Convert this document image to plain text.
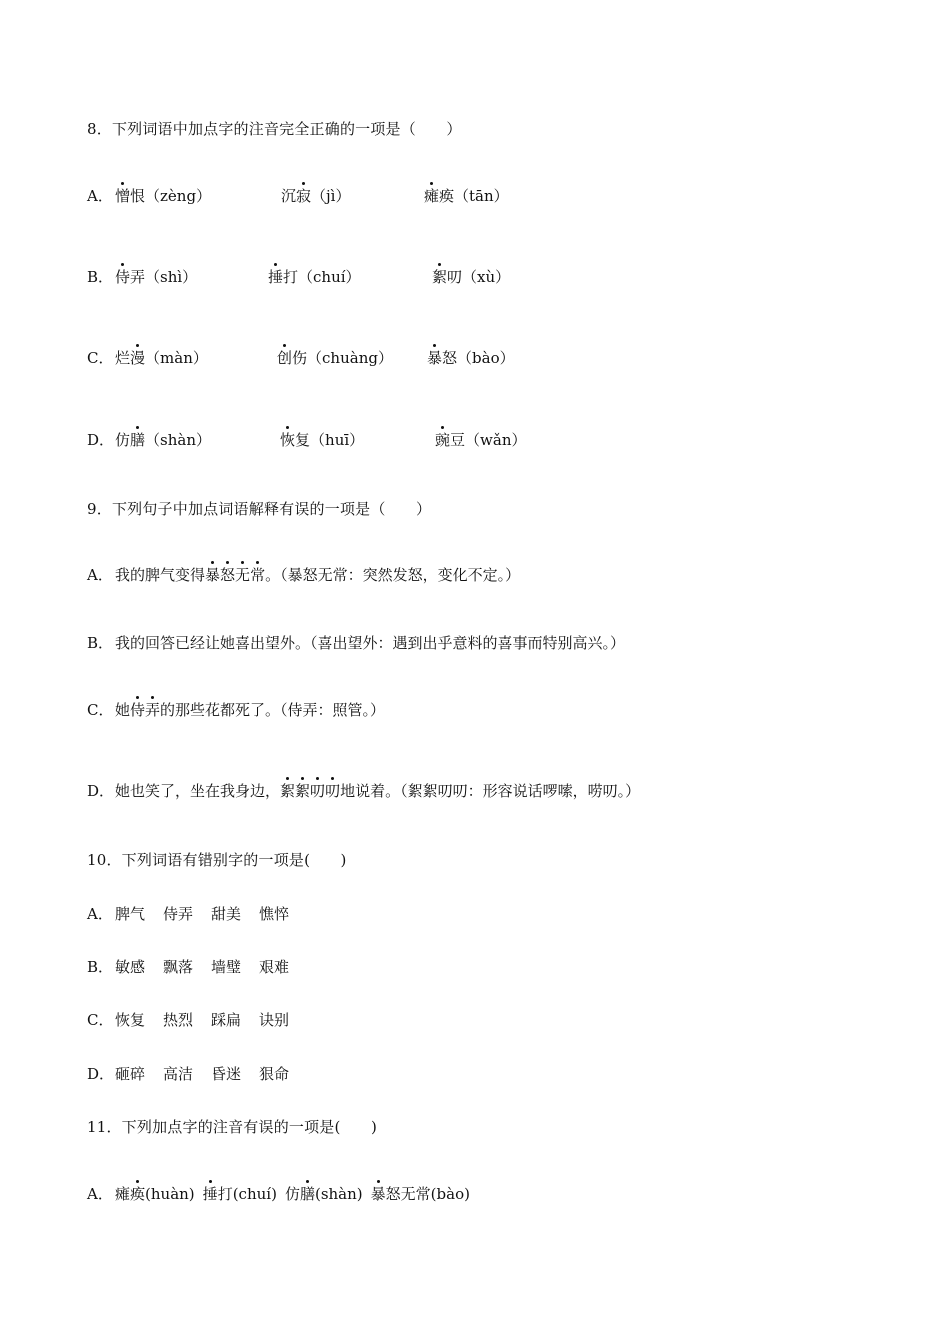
8．下列词语中加点字的注音完全正确的一项是（　　）
A． 憎恨（zèng）	沉寂（jì）	瘫痪（tān）
B． 侍弄（shì）	捶打（chuí）	絮叨（xù）
C． 烂漫（màn）	创伤（chuàng） 暴怒（bào）
D． 仿膳（shàn）	恢复（huī）	豌豆（wǎn）
9．下列句子中加点词语解释有误的一项是（　　）
A． 我的脾气变得暴怒无常。（暴怒无常：突然发怒，变化不定。）
B． 我的回答已经让她喜出望外。（喜出望外：遇到出乎意料的喜事而特别高兴。）
C． 她侍弄的那些花都死了。（侍弄：照管。）
D．她也笑了，坐在我身边，絮絮叨叨地说着。（絮絮叨叨：形容说话啰嗦，唠叨。）
10．下列词语有错别字的一项是(　　)
A． 脾气 侍弄 甜美 憔悴
B． 敏感 飘落 墙璧 艰难
C． 恢复 热烈 踩扁 诀别
D．砸碎 高洁 昏迷 狠命
11．下列加点字的注音有误的一项是(　　)
A． 瘫痪(huàn) 捶打(chuí) 仿膳(shàn) 暴怒无常(bào)
